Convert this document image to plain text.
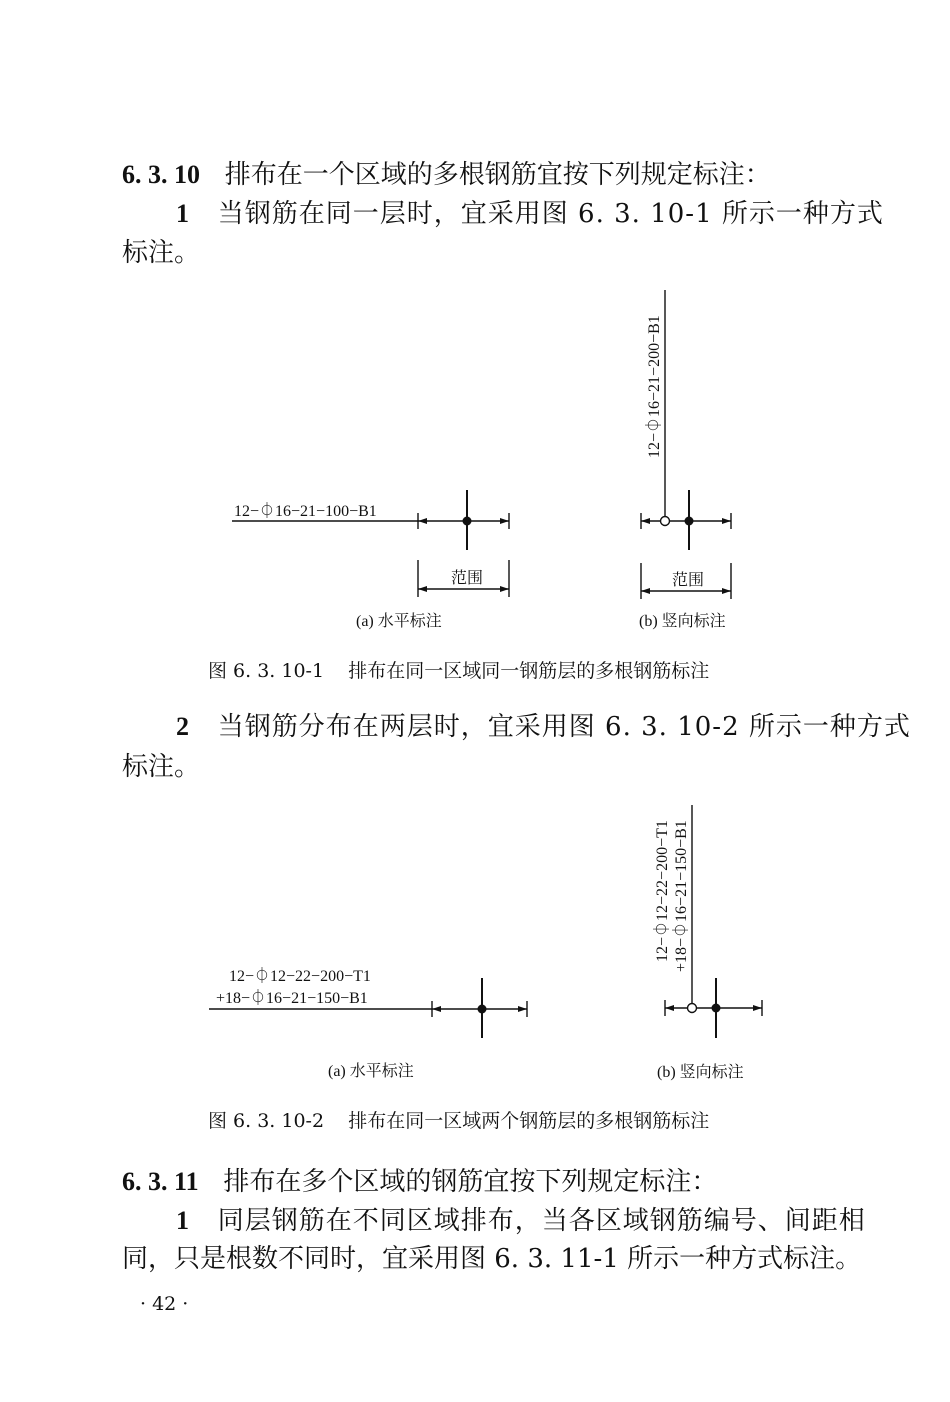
6. 3. 10 排布在一个区域的多根钢筋宜按下列规定标注：
1 当钢筋在同一层时，宜采用图 6. 3. 10-1 所示一种方式
标注。
12−⏀16−21−100−B1
12−⏀16−21−200−B1
范围	范围
(a) 水平标注	(b) 竖向标注
图 6. 3. 10-1 排布在同一区域同一钢筋层的多根钢筋标注
2 当钢筋分布在两层时，宜采用图 6. 3. 10-2 所示一种方式
标注。
12−⏀12−22−200−T1
+18−⏀16−21−150−B1
12−⏀12−22−200−T1 +18−⏀16−21−150−B1
(a) 水平标注	(b) 竖向标注
图 6. 3. 10-2 排布在同一区域两个钢筋层的多根钢筋标注
6. 3. 11 排布在多个区域的钢筋宜按下列规定标注：
1 同层钢筋在不同区域排布，当各区域钢筋编号、间距相
同，只是根数不同时，宜采用图 6. 3. 11-1 所示一种方式标注。
· 42 ·
